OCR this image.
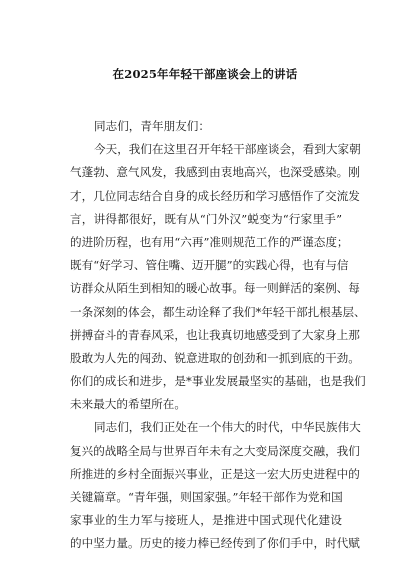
在2025年年轻干部座谈会上的讲话
同志们，青年朋友们：
今天，我们在这里召开年轻干部座谈会，看到大家朝
气蓬勃、意气风发，我感到由衷地高兴，也深受感染。刚
才，几位同志结合自身的成长经历和学习感悟作了交流发
言，讲得都很好，既有从“门外汉”蜕变为“行家里手”
的进阶历程，也有用“六再”准则规范工作的严谨态度；
既有“好学习、管住嘴、迈开腿”的实践心得，也有与信
访群众从陌生到相知的暖心故事。每一则鲜活的案例、每
一条深刻的体会，都生动诠释了我们*年轻干部扎根基层、
拼搏奋斗的青春风采，也让我真切地感受到了大家身上那
股敢为人先的闯劲、锐意进取的创劲和一抓到底的干劲。
你们的成长和进步，是*事业发展最坚实的基础，也是我们
未来最大的希望所在。
同志们，我们正处在一个伟大的时代，中华民族伟大
复兴的战略全局与世界百年未有之大变局深度交融，我们
所推进的乡村全面振兴事业，正是这一宏大历史进程中的
关键篇章。“青年强，则国家强。”年轻干部作为党和国
家事业的生力军与接班人，是推进中国式现代化建设
的中坚力量。历史的接力棒已经传到了你们手中，时代赋
